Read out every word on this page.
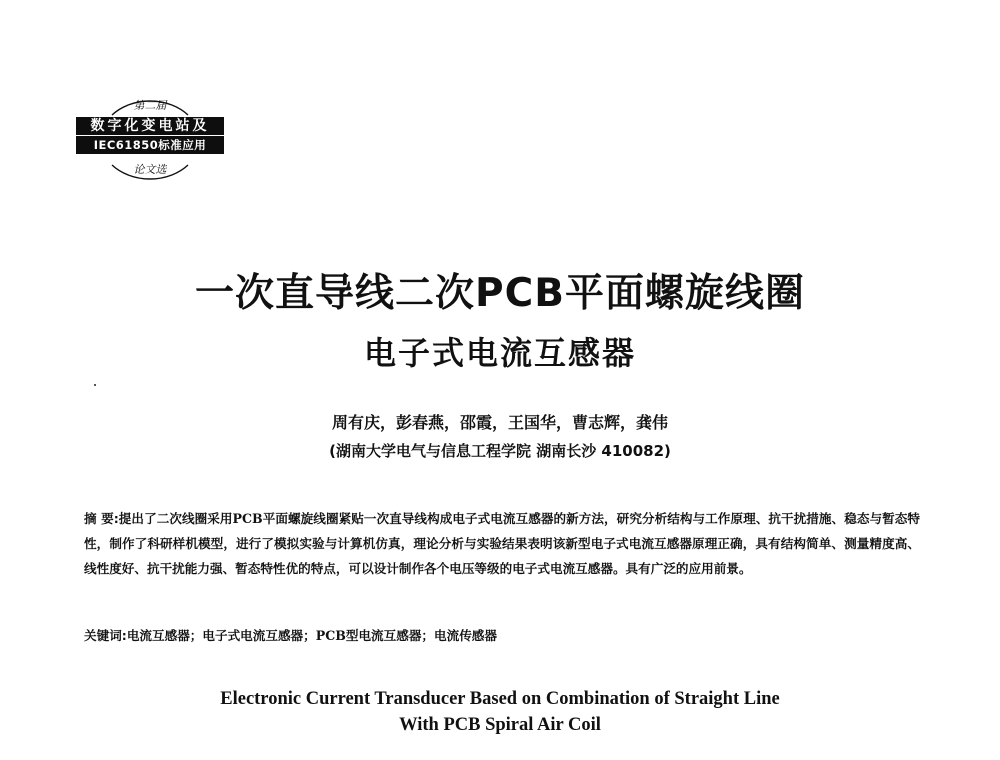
第二届
数字化变电站及
IEC61850标准应用
论文选
一次直导线二次PCB平面螺旋线圈
电子式电流互感器
周有庆，彭春燕，邵霞，王国华，曹志辉，龚伟
(湖南大学电气与信息工程学院 湖南长沙 410082)
摘 要:提出了二次线圈采用PCB平面螺旋线圈紧贴一次直导线构成电子式电流互感器的新方法，研究分析结构与工作原理、抗干扰措施、稳态与暂态特性，制作了科研样机模型，进行了模拟实验与计算机仿真，理论分析与实验结果表明该新型电子式电流互感器原理正确，具有结构简单、测量精度高、线性度好、抗干扰能力强、暂态特性优的特点，可以设计制作各个电压等级的电子式电流互感器。具有广泛的应用前景。
关键词:电流互感器；电子式电流互感器；PCB型电流互感器；电流传感器
Electronic Current Transducer Based on Combination of Straight Line
With PCB Spiral Air Coil
